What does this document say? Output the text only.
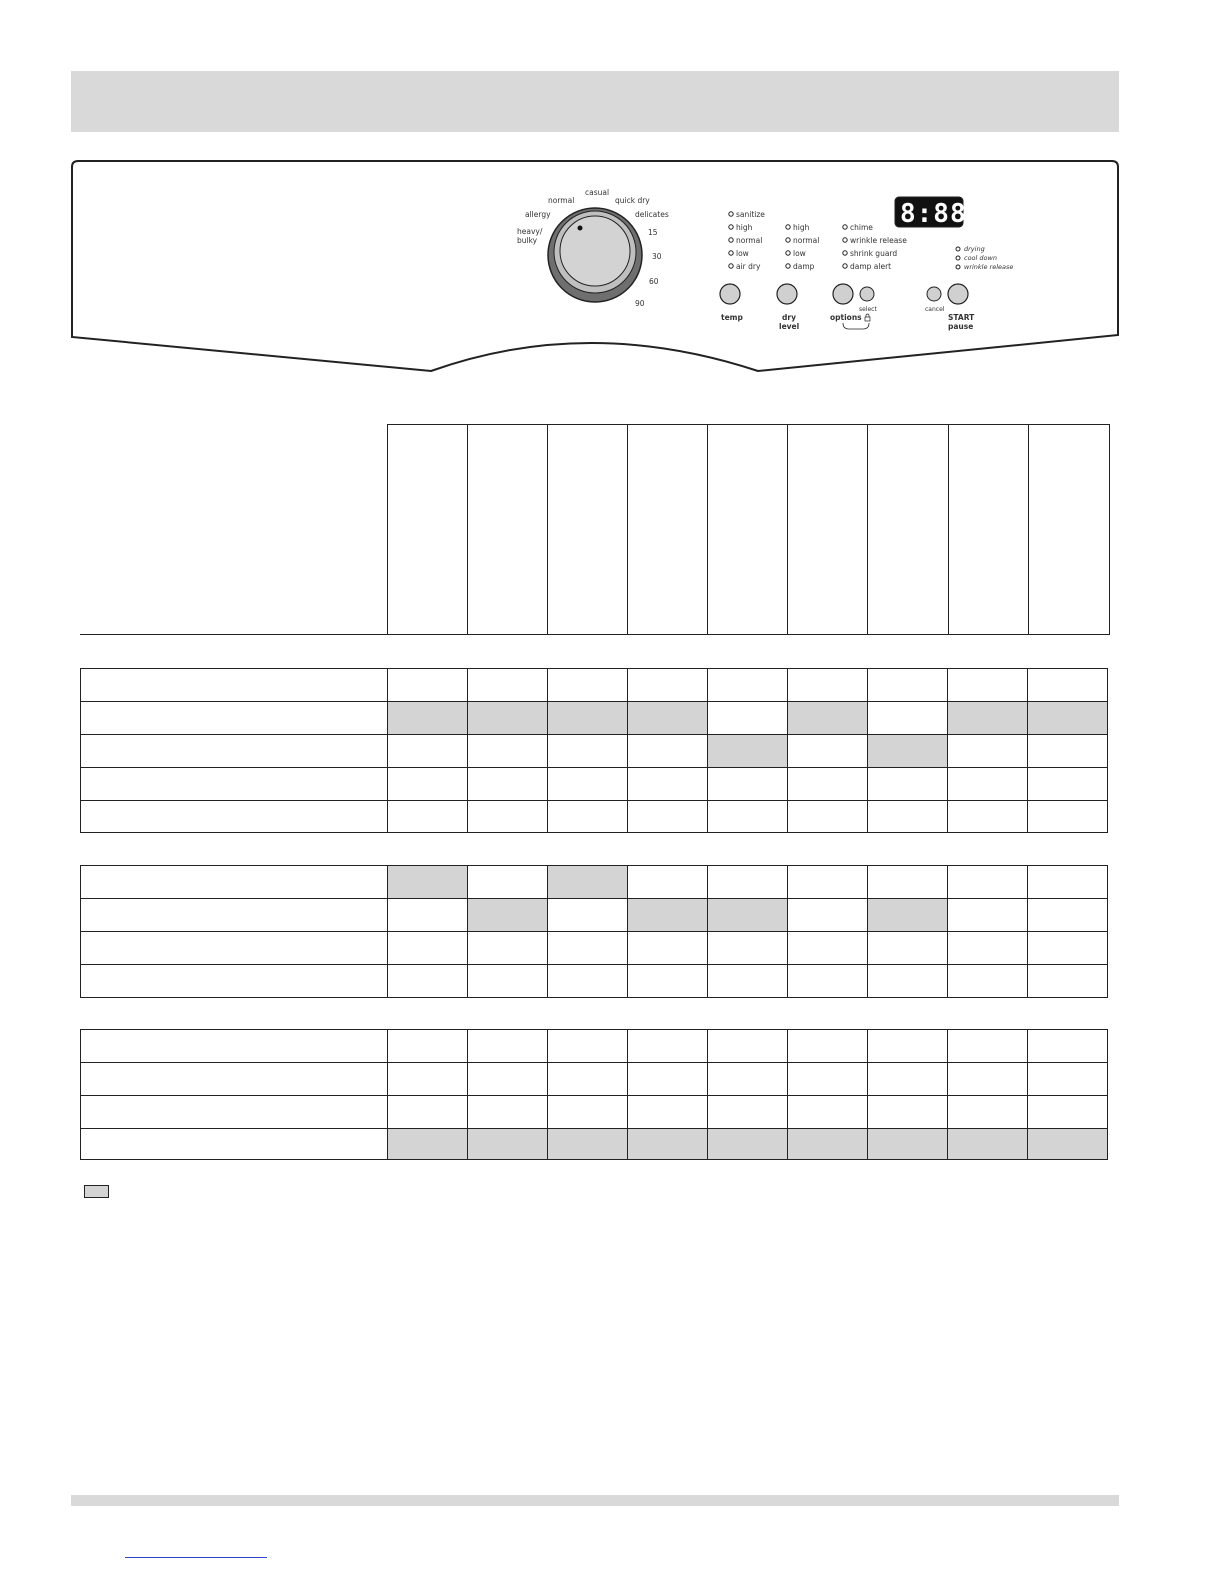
casual
normal	quick dry
allergy	delicates
heavy/
bulky
15
30
60
90
sanitize
high
normal
low
air dry
high
normal
low
damp
chime
wrinkle release
shrink guard
damp alert
8:88
drying
cool down
wrinkle release
temp	dry
level
select
options
cancel
START
pause
